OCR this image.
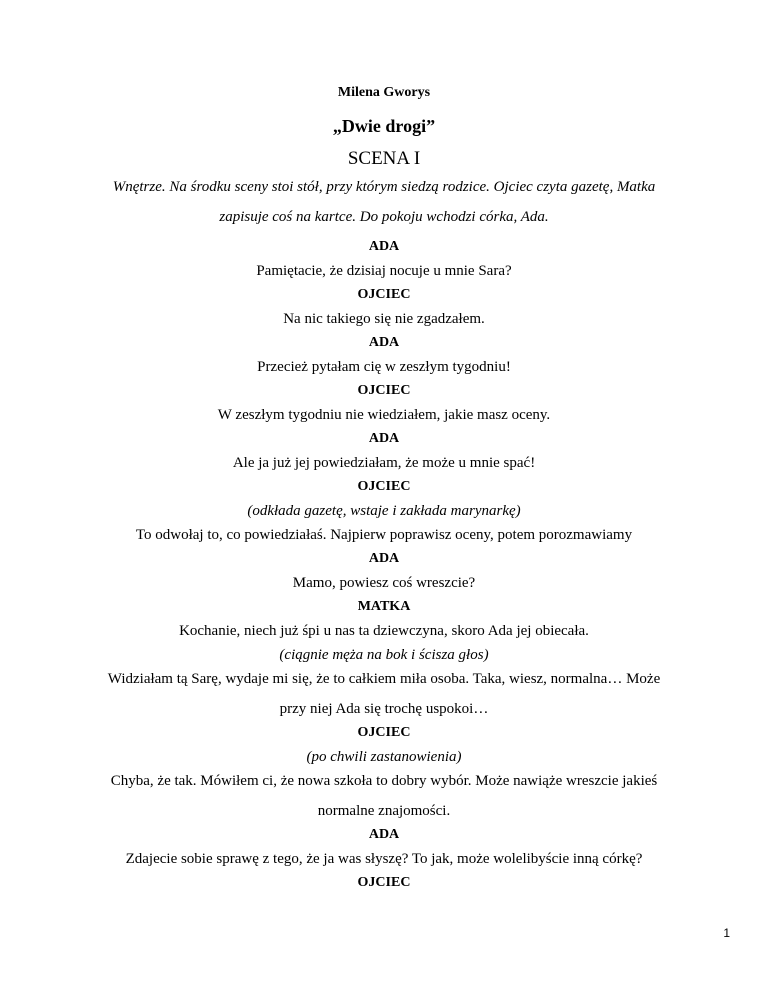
Milena Gworys
„Dwie drogi”
SCENA I
Wnętrze. Na środku sceny stoi stół, przy którym siedzą rodzice. Ojciec czyta gazetę, Matka
zapisuje coś na kartce. Do pokoju wchodzi córka, Ada.
ADA
Pamiętacie, że dzisiaj nocuje u mnie Sara?
OJCIEC
Na nic takiego się nie zgadzałem.
ADA
Przecież pytałam cię w zeszłym tygodniu!
OJCIEC
W zeszłym tygodniu nie wiedziałem, jakie masz oceny.
ADA
Ale ja już jej powiedziałam, że może u mnie spać!
OJCIEC
(odkłada gazetę, wstaje i zakłada marynarkę)
To odwołaj to, co powiedziałaś. Najpierw poprawisz oceny, potem porozmawiamy
ADA
Mamo, powiesz coś wreszcie?
MATKA
Kochanie, niech już śpi u nas ta dziewczyna, skoro Ada jej obiecała.
(ciągnie męża na bok i ścisza głos)
Widziałam tą Sarę, wydaje mi się, że to całkiem miła osoba. Taka, wiesz, normalna… Może
przy niej Ada się trochę uspokoi…
OJCIEC
(po chwili zastanowienia)
Chyba, że tak. Mówiłem ci, że nowa szkoła to dobry wybór. Może nawiąże wreszcie jakieś
normalne znajomości.
ADA
Zdajecie sobie sprawę z tego, że ja was słyszę? To jak, może wolelibyście inną córkę?
OJCIEC
1
